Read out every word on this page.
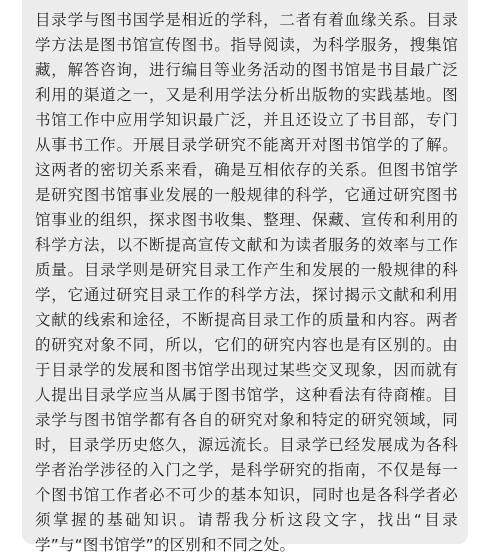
目录学与图书国学是相近的学科，二者有着血缘关系。目录学方法是图书馆宣传图书。指导阅读，为科学服务，搜集馆藏，解答咨询，进行编目等业务活动的图书馆是书目最广泛利用的渠道之一，又是利用学法分析出版物的实践基地。图书馆工作中应用学知识最广泛，并且还设立了书目部，专门从事书工作。开展目录学研究不能离开对图书馆学的了解。这两者的密切关系来看，确是互相依存的关系。但图书馆学是研究图书馆事业发展的一般规律的科学，它通过研究图书馆事业的组织，探求图书收集、整理、保藏、宣传和利用的科学方法，以不断提高宣传文献和为读者服务的效率与工作质量。目录学则是研究目录工作产生和发展的一般规律的科学，它通过研究目录工作的科学方法，探讨揭示文献和利用文献的线索和途径，不断提高目录工作的质量和内容。两者的研究对象不同，所以，它们的研究内容也是有区别的。由于目录学的发展和图书馆学出现过某些交叉现象，因而就有人提出目录学应当从属于图书馆学，这种看法有待商榷。目录学与图书馆学都有各自的研究对象和特定的研究领域，同时，目录学历史悠久，源远流长。目录学已经发展成为各科学者治学涉径的入门之学，是科学研究的指南，不仅是每一个图书馆工作者必不可少的基本知识，同时也是各科学者必须掌握的基础知识。请帮我分析这段文字，找出“目录学”与“图书馆学”的区别和不同之处。
